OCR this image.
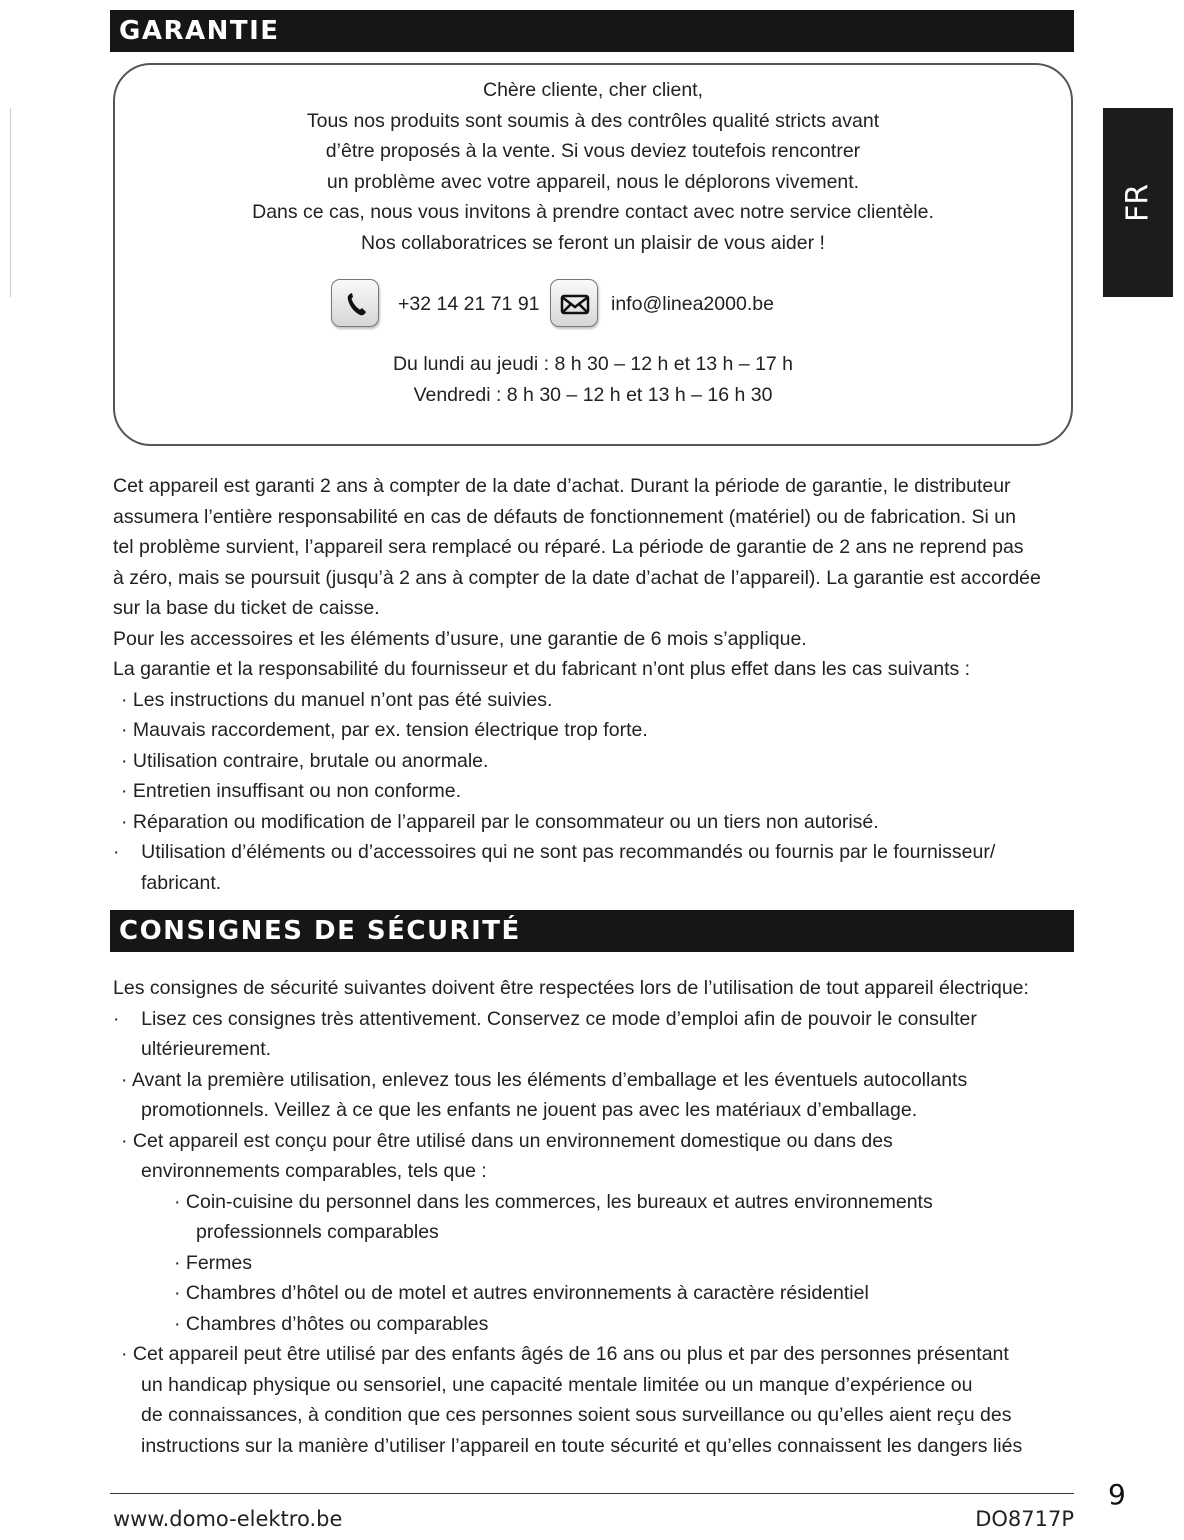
FR
GARANTIE
Chère cliente, cher client,
Tous nos produits sont soumis à des contrôles qualité stricts avant
d’être proposés à la vente. Si vous deviez toutefois rencontrer
un problème avec votre appareil, nous le déplorons vivement.
Dans ce cas, nous vous invitons à prendre contact avec notre service clientèle.
Nos collaboratrices se feront un plaisir de vous aider !
+32 14 21 71 91	info@linea2000.be
Du lundi au jeudi : 8 h 30 – 12 h et 13 h – 17 h
Vendredi : 8 h 30 – 12 h et 13 h – 16 h 30
Cet appareil est garanti 2 ans à compter de la date d’achat. Durant la période de garantie, le distributeur
assumera l’entière responsabilité en cas de défauts de fonctionnement (matériel) ou de fabrication. Si un
tel problème survient, l’appareil sera remplacé ou réparé. La période de garantie de 2 ans ne reprend pas
à zéro, mais se poursuit (jusqu’à 2 ans à compter de la date d’achat de l’appareil). La garantie est accordée
sur la base du ticket de caisse.
Pour les accessoires et les éléments d’usure, une garantie de 6 mois s’applique.
La garantie et la responsabilité du fournisseur et du fabricant n’ont plus effet dans les cas suivants :
· Les instructions du manuel n’ont pas été suivies.
· Mauvais raccordement, par ex. tension électrique trop forte.
· Utilisation contraire, brutale ou anormale.
· Entretien insuffisant ou non conforme.
· Réparation ou modification de l’appareil par le consommateur ou un tiers non autorisé.
·    Utilisation d’éléments ou d’accessoires qui ne sont pas recommandés ou fournis par le fournisseur/
fabricant.
CONSIGNES DE SÉCURITÉ
Les consignes de sécurité suivantes doivent être respectées lors de l’utilisation de tout appareil électrique:
·    Lisez ces consignes très attentivement. Conservez ce mode d’emploi afin de pouvoir le consulter
ultérieurement.
· Avant la première utilisation, enlevez tous les éléments d’emballage et les éventuels autocollants
promotionnels. Veillez à ce que les enfants ne jouent pas avec les matériaux d’emballage.
· Cet appareil est conçu pour être utilisé dans un environnement domestique ou dans des
environnements comparables, tels que :
· Coin-cuisine du personnel dans les commerces, les bureaux et autres environnements
professionnels comparables
· Fermes
· Chambres d’hôtel ou de motel et autres environnements à caractère résidentiel
· Chambres d’hôtes ou comparables
· Cet appareil peut être utilisé par des enfants âgés de 16 ans ou plus et par des personnes présentant
un handicap physique ou sensoriel, une capacité mentale limitée ou un manque d’expérience ou
de connaissances, à condition que ces personnes soient sous surveillance ou qu’elles aient reçu des
instructions sur la manière d’utiliser l’appareil en toute sécurité et qu’elles connaissent les dangers liés
9
www.domo-elektro.be	DO8717P
